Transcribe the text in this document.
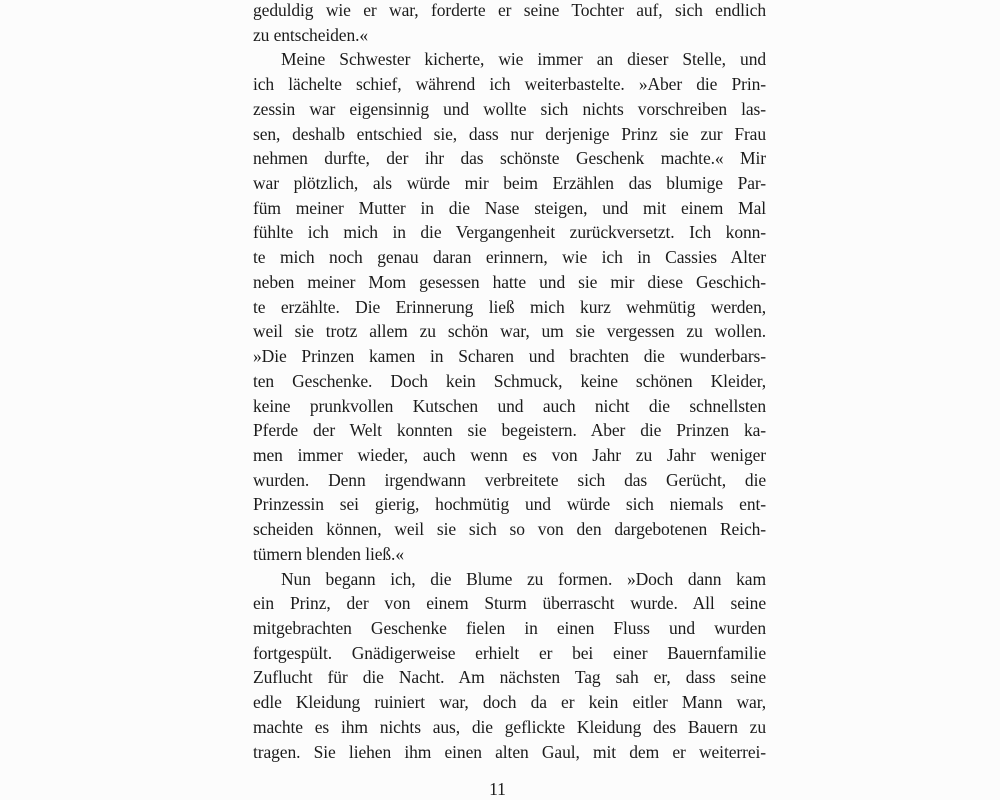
geduldig wie er war, forderte er seine Tochter auf, sich endlich
zu entscheiden.«
Meine Schwester kicherte, wie immer an dieser Stelle, und
ich lächelte schief, während ich weiterbastelte. »Aber die Prin-
zessin war eigensinnig und wollte sich nichts vorschreiben las-
sen, deshalb entschied sie, dass nur derjenige Prinz sie zur Frau
nehmen durfte, der ihr das schönste Geschenk machte.« Mir
war plötzlich, als würde mir beim Erzählen das blumige Par-
füm meiner Mutter in die Nase steigen, und mit einem Mal
fühlte ich mich in die Vergangenheit zurückversetzt. Ich konn-
te mich noch genau daran erinnern, wie ich in Cassies Alter
neben meiner Mom gesessen hatte und sie mir diese Geschich-
te erzählte. Die Erinnerung ließ mich kurz wehmütig werden,
weil sie trotz allem zu schön war, um sie vergessen zu wollen.
»Die Prinzen kamen in Scharen und brachten die wunderbars-
ten Geschenke. Doch kein Schmuck, keine schönen Kleider,
keine prunkvollen Kutschen und auch nicht die schnellsten
Pferde der Welt konnten sie begeistern. Aber die Prinzen ka-
men immer wieder, auch wenn es von Jahr zu Jahr weniger
wurden. Denn irgendwann verbreitete sich das Gerücht, die
Prinzessin sei gierig, hochmütig und würde sich niemals ent-
scheiden können, weil sie sich so von den dargebotenen Reich-
tümern blenden ließ.«
Nun begann ich, die Blume zu formen. »Doch dann kam
ein Prinz, der von einem Sturm überrascht wurde. All seine
mitgebrachten Geschenke fielen in einen Fluss und wurden
fortgespült. Gnädigerweise erhielt er bei einer Bauernfamilie
Zuflucht für die Nacht. Am nächsten Tag sah er, dass seine
edle Kleidung ruiniert war, doch da er kein eitler Mann war,
machte es ihm nichts aus, die geflickte Kleidung des Bauern zu
tragen. Sie liehen ihm einen alten Gaul, mit dem er weiterrei-
11
